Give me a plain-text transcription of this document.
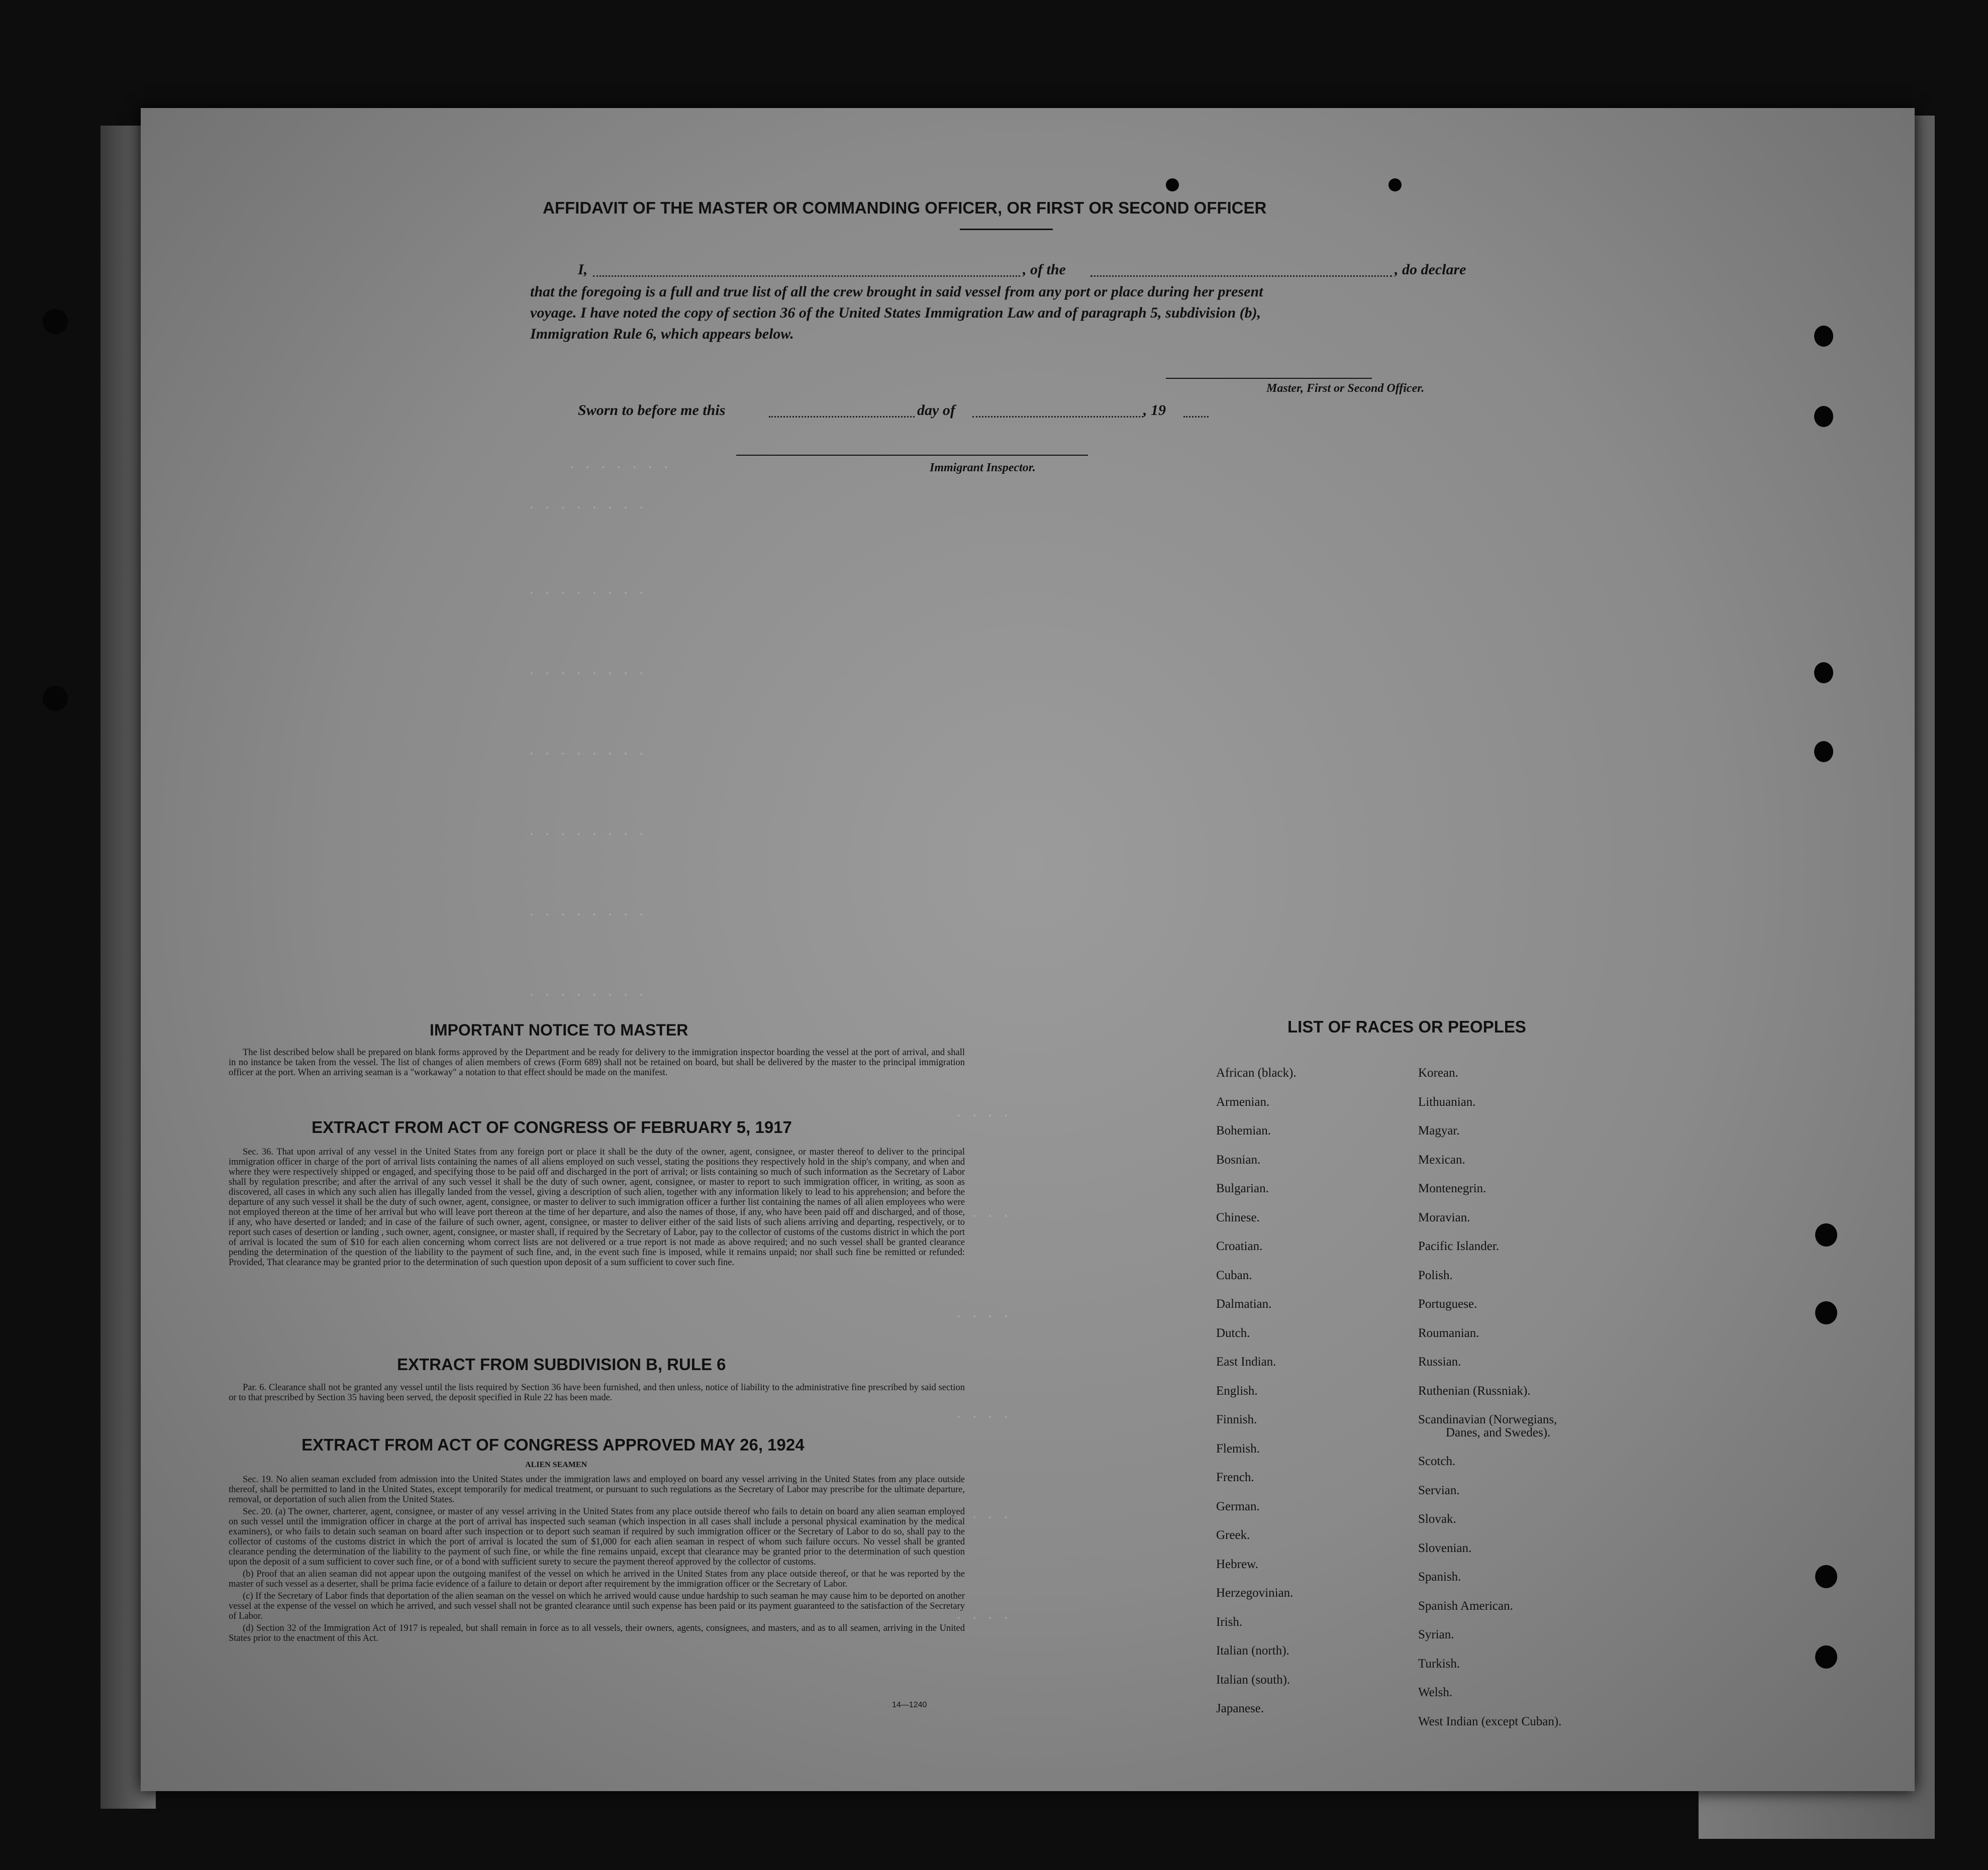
. . . . . . .
. . . . . . . .
. . . . . . . .
. . . . . . . .
. . . . . . . .
. . . . . . . .
. . . . . . . .
. . . . . . . .
. . . .
. . . .
. . . .
. . . .
. . . .
. . . .
AFFIDAVIT OF THE MASTER OR COMMANDING OFFICER, OR FIRST OR SECOND OFFICER
I,	, of the	, do declare
that the foregoing is a full and true list of all the crew brought in said vessel from any port or place during her present
voyage. I have noted the copy of section 36 of the United States Immigration Law and of paragraph 5, subdivision (b),
Immigration Rule 6, which appears below.
Master, First or Second Officer.
Sworn to before me this	day of	, 19
Immigrant Inspector.
IMPORTANT NOTICE TO MASTER

The list described below shall be prepared on blank forms approved by the Department and be ready for delivery to the immigration inspector boarding the vessel at the port of arrival, and shall in no instance be taken from the vessel. The list of changes of alien members of crews (Form 689) shall not be retained on board, but shall be delivered by the master to the principal immigration officer at the port. When an arriving seaman is a "workaway" a notation to that effect should be made on the manifest.

EXTRACT FROM ACT OF CONGRESS OF FEBRUARY 5, 1917

Sec. 36. That upon arrival of any vessel in the United States from any foreign port or place it shall be the duty of the owner, agent, consignee, or master thereof to deliver to the principal immigration officer in charge of the port of arrival lists containing the names of all aliens employed on such vessel, stating the positions they respectively hold in the ship's company, and when and where they were respectively shipped or engaged, and specifying those to be paid off and discharged in the port of arrival; or lists containing so much of such information as the Secretary of Labor shall by regulation prescribe; and after the arrival of any such vessel it shall be the duty of such owner, agent, consignee, or master to report to such immigration officer, in writing, as soon as discovered, all cases in which any such alien has illegally landed from the vessel, giving a description of such alien, together with any information likely to lead to his apprehension; and before the departure of any such vessel it shall be the duty of such owner, agent, consignee, or master to deliver to such immigration officer a further list containing the names of all alien employees who were not employed thereon at the time of her arrival but who will leave port thereon at the time of her departure, and also the names of those, if any, who have been paid off and discharged, and of those, if any, who have deserted or landed; and in case of the failure of such owner, agent, consignee, or master to deliver either of the said lists of such aliens arriving and departing, respectively, or to report such cases of desertion or landing , such owner, agent, consignee, or master shall, if required by the Secretary of Labor, pay to the collector of customs of the customs district in which the port of arrival is located the sum of $10 for each alien concerning whom correct lists are not delivered or a true report is not made as above required; and no such vessel shall be granted clearance pending the determination of the question of the liability to the payment of such fine, and, in the event such fine is imposed, while it remains unpaid; nor shall such fine be remitted or refunded: Provided, That clearance may be granted prior to the determination of such question upon deposit of a sum sufficient to cover such fine.

EXTRACT FROM SUBDIVISION B, RULE 6

Par. 6. Clearance shall not be granted any vessel until the lists required by Section 36 have been furnished, and then unless, notice of liability to the administrative fine prescribed by said section or to that prescribed by Section 35 having been served, the deposit specified in Rule 22 has been made.

EXTRACT FROM ACT OF CONGRESS APPROVED MAY 26, 1924
ALIEN SEAMEN

Sec. 19. No alien seaman excluded from admission into the United States under the immigration laws and employed on board any vessel arriving in the United States from any place outside thereof, shall be permitted to land in the United States, except temporarily for medical treatment, or pursuant to such regulations as the Secretary of Labor may prescribe for the ultimate departure, removal, or deportation of such alien from the United States.

Sec. 20. (a) The owner, charterer, agent, consignee, or master of any vessel arriving in the United States from any place outside thereof who fails to detain on board any alien seaman employed on such vessel until the immigration officer in charge at the port of arrival has inspected such seaman (which inspection in all cases shall include a personal physical examination by the medical examiners), or who fails to detain such seaman on board after such inspection or to deport such seaman if required by such immigration officer or the Secretary of Labor to do so, shall pay to the collector of customs of the customs district in which the port of arrival is located the sum of $1,000 for each alien seaman in respect of whom such failure occurs. No vessel shall be granted clearance pending the determination of the liability to the payment of such fine, or while the fine remains unpaid, except that clearance may be granted prior to the determination of such question upon the deposit of a sum sufficient to cover such fine, or of a bond with sufficient surety to secure the payment thereof approved by the collector of customs.

(b) Proof that an alien seaman did not appear upon the outgoing manifest of the vessel on which he arrived in the United States from any place outside thereof, or that he was reported by the master of such vessel as a deserter, shall be prima facie evidence of a failure to detain or deport after requirement by the immigration officer or the Secretary of Labor.

(c) If the Secretary of Labor finds that deportation of the alien seaman on the vessel on which he arrived would cause undue hardship to such seaman he may cause him to be deported on another vessel at the expense of the vessel on which he arrived, and such vessel shall not be granted clearance until such expense has been paid or its payment guaranteed to the satisfaction of the Secretary of Labor.

(d) Section 32 of the Immigration Act of 1917 is repealed, but shall remain in force as to all vessels, their owners, agents, consignees, and masters, and as to all seamen, arriving in the United States prior to the enactment of this Act.

14—1240
LIST OF RACES OR PEOPLES
African (black).
Armenian.
Bohemian.
Bosnian.
Bulgarian.
Chinese.
Croatian.
Cuban.
Dalmatian.
Dutch.
East Indian.
English.
Finnish.
Flemish.
French.
German.
Greek.
Hebrew.
Herzegovinian.
Irish.
Italian (north).
Italian (south).
Japanese.
Korean.
Lithuanian.
Magyar.
Mexican.
Montenegrin.
Moravian.
Pacific Islander.
Polish.
Portuguese.
Roumanian.
Russian.
Ruthenian (Russniak).
Scandinavian (Norwegians,
Danes, and Swedes).
Scotch.
Servian.
Slovak.
Slovenian.
Spanish.
Spanish American.
Syrian.
Turkish.
Welsh.
West Indian (except Cuban).
